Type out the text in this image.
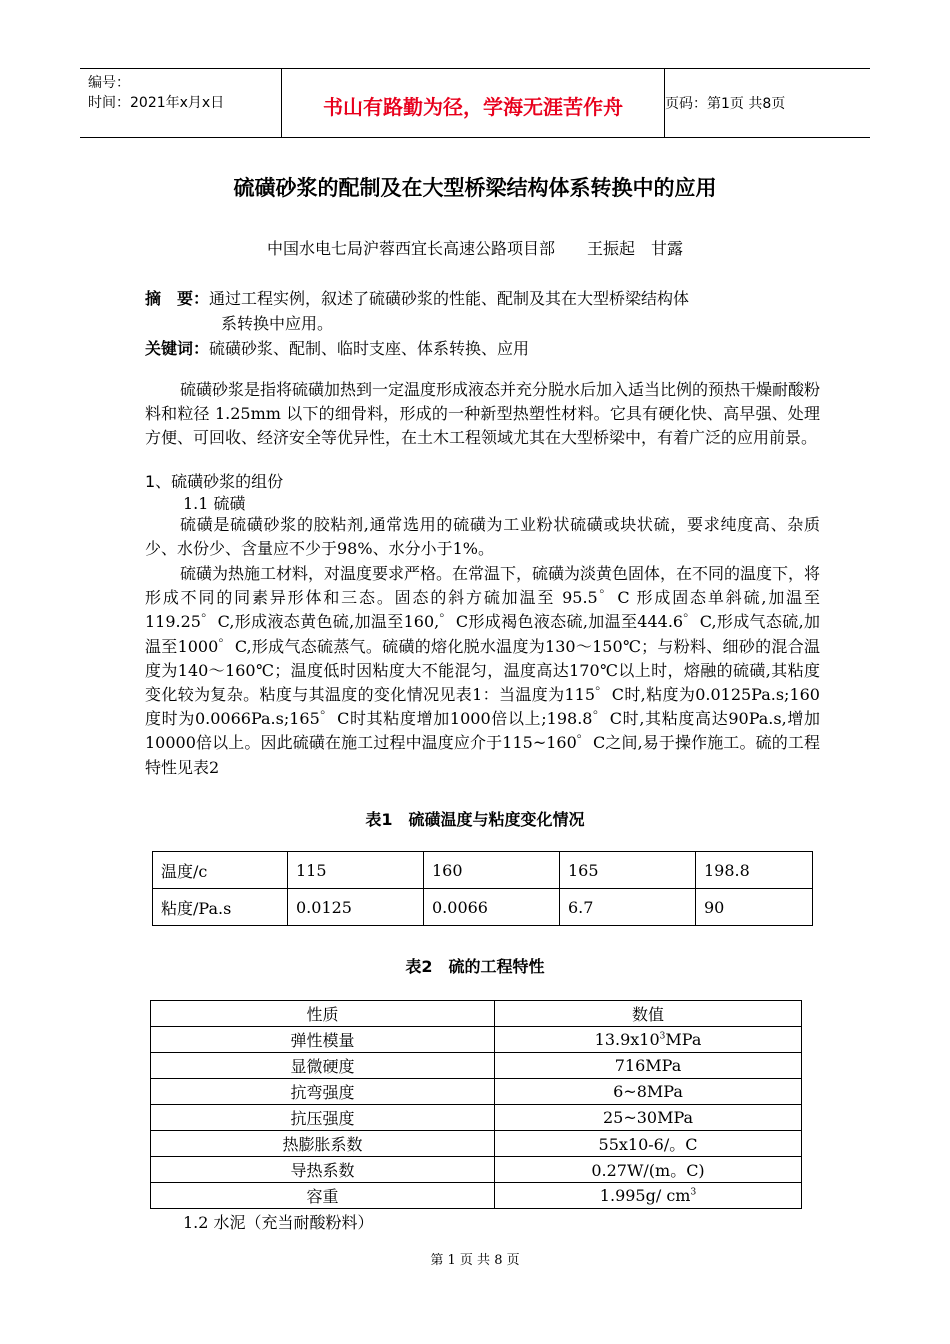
编号：
时间：2021年x月x日	书山有路勤为径，学海无涯苦作舟	页码：第1页 共8页
硫磺砂浆的配制及在大型桥梁结构体系转换中的应用
中国水电七局沪蓉西宜长高速公路项目部　　王振起　甘露
摘　要：通过工程实例，叙述了硫磺砂浆的性能、配制及其在大型桥梁结构体
系转换中应用。
关键词：硫磺砂浆、配制、临时支座、体系转换、应用
硫磺砂浆是指将硫磺加热到一定温度形成液态并充分脱水后加入适当比例的预热干燥耐酸粉料和粒径 1.25mm 以下的细骨料，形成的一种新型热塑性材料。它具有硬化快、高早强、处理方便、可回收、经济安全等优异性，在土木工程领域尤其在大型桥梁中，有着广泛的应用前景。
1、硫磺砂浆的组份
1.1 硫磺
硫磺是硫磺砂浆的胶粘剂,通常选用的硫磺为工业粉状硫磺或块状硫，要求纯度高、杂质少、水份少、含量应不少于98%、水分小于1%。
硫磺为热施工材料，对温度要求严格。在常温下，硫磺为淡黄色固体，在不同的温度下，将形成不同的同素异形体和三态。固态的斜方硫加温至 95.5゜C 形成固态单斜硫,加温至119.25゜C,形成液态黄色硫,加温至160,゜C形成褐色液态硫,加温至444.6゜C,形成气态硫,加温至1000゜C,形成气态硫蒸气。硫磺的熔化脱水温度为130～150℃；与粉料、细砂的混合温度为140～160℃；温度低时因粘度大不能混匀，温度高达170℃以上时，熔融的硫磺,其粘度变化较为复杂。粘度与其温度的变化情况见表1：当温度为115゜C时,粘度为0.0125Pa.s;160度时为0.0066Pa.s;165゜C时其粘度增加1000倍以上;198.8゜C时,其粘度高达90Pa.s,增加10000倍以上。因此硫磺在施工过程中温度应介于115~160゜C之间,易于操作施工。硫的工程特性见表2
表1　硫磺温度与粘度变化情况
温度/c	115	160	165	198.8
粘度/Pa.s	0.0125	0.0066	6.7	90
表2　硫的工程特性
性质	数值
弹性模量	$13.9x10^3MPa$
显微硬度	716MPa
抗弯强度	6~8MPa
抗压强度	25~30MPa
热膨胀系数	55x10-6/。C
导热系数	0.27W/(m。C)
容重	1.995g/ $cm^3$
1.2 水泥（充当耐酸粉料）
第 1 页 共 8 页
